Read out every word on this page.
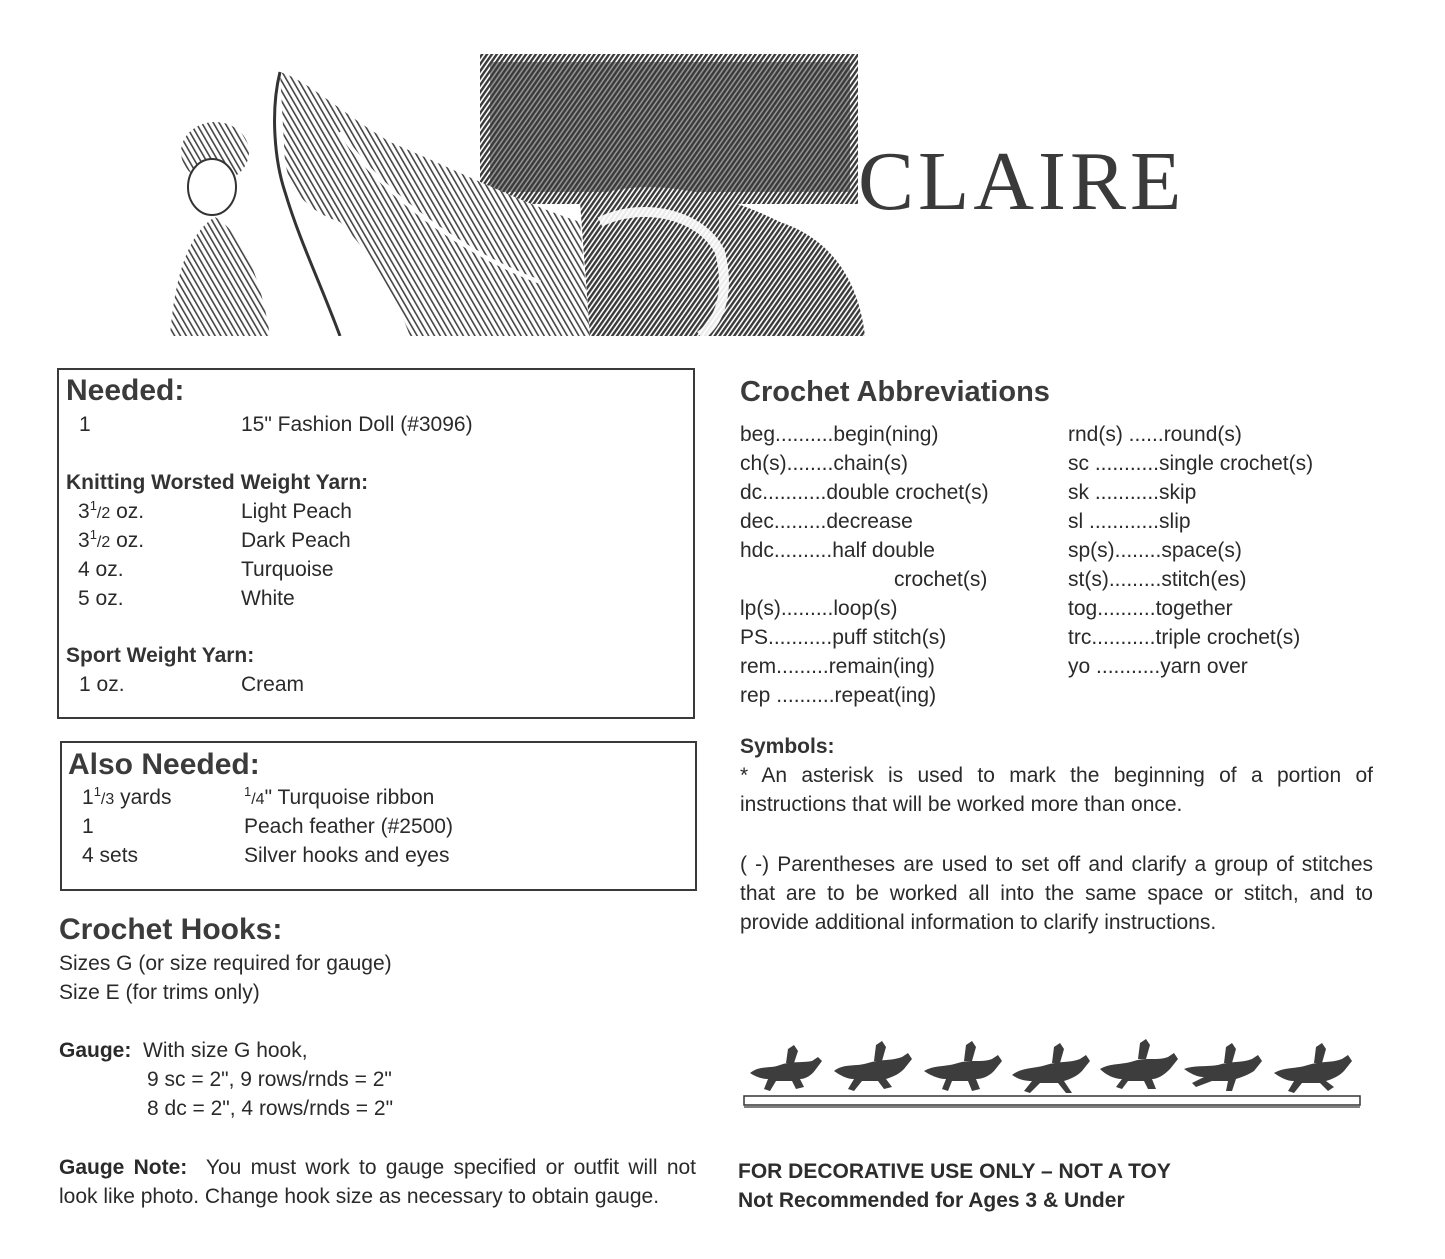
CLAIRE
Needed:
1	15" Fashion Doll (#3096)
Knitting Worsted Weight Yarn:
$3^1/2$ oz.	Light Peach
$3^1/2$ oz.	Dark Peach
4 oz.	Turquoise
5 oz.	White
Sport Weight Yarn:
1 oz.	Cream
Also Needed:
$1^1/3$ yards	$^1$/4" Turquoise ribbon
1	Peach feather (#2500)
4 sets	Silver hooks and eyes
Crochet Hooks:
Sizes G (or size required for gauge)
Size E (for trims only)
Gauge: With size G hook,
9 sc = 2", 9 rows/rnds = 2"
8 dc = 2", 4 rows/rnds = 2"
Gauge Note: You must work to gauge specified or outfit will not look like photo. Change hook size as necessary to obtain gauge.
Crochet Abbreviations
beg..........begin(ning)
ch(s)........chain(s)
dc...........double crochet(s)
dec.........decrease
hdc..........half double
crochet(s)
lp(s).........loop(s)
PS...........puff stitch(s)
rem.........remain(ing)
rep ..........repeat(ing)
rnd(s) ......round(s)
sc ...........single crochet(s)
sk ...........skip
sl ............slip
sp(s)........space(s)
st(s).........stitch(es)
tog..........together
trc...........triple crochet(s)
yo ...........yarn over
Symbols:
* An asterisk is used to mark the beginning of a portion of instructions that will be worked more than once.
( -) Parentheses are used to set off and clarify a group of stitches that are to be worked all into the same space or stitch, and to provide additional information to clarify instructions.
FOR DECORATIVE USE ONLY – NOT A TOY
Not Recommended for Ages 3 & Under
